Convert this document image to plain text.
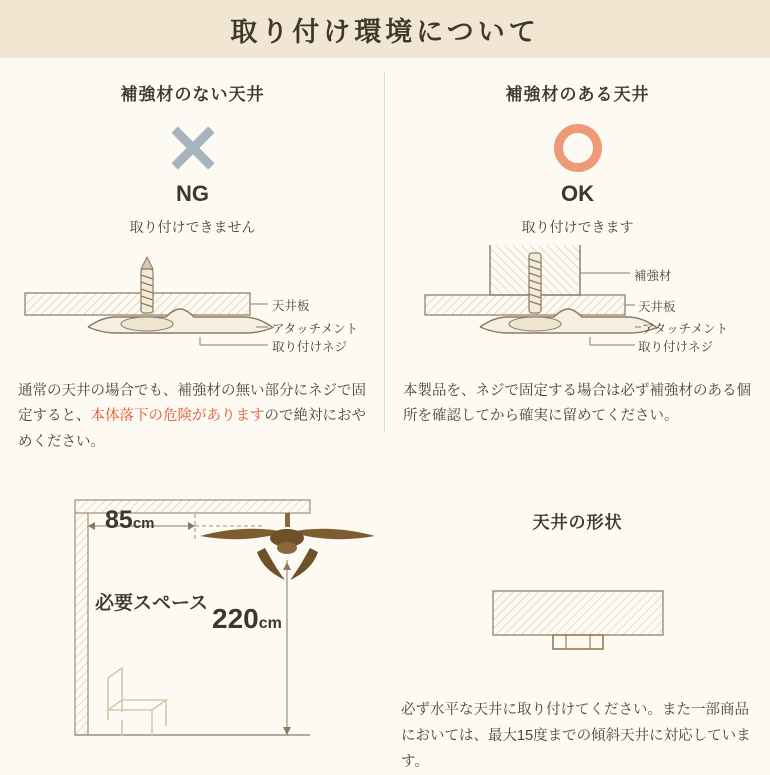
取り付け環境について
補強材のない天井
NG
取り付けできません
天井板
アタッチメント
取り付けネジ
通常の天井の場合でも、補強材の無い部分にネジで固定すると、本体落下の危険がありますので絶対におやめください。
補強材のある天井
OK
取り付けできます
補強材
天井板
アタッチメント
取り付けネジ
本製品を、ネジで固定する場合は必ず補強材のある個所を確認してから確実に留めてください。
必要スペース
85cm
220cm
天井の形状
必ず水平な天井に取り付けてください。また一部商品においては、最大15度までの傾斜天井に対応しています。
